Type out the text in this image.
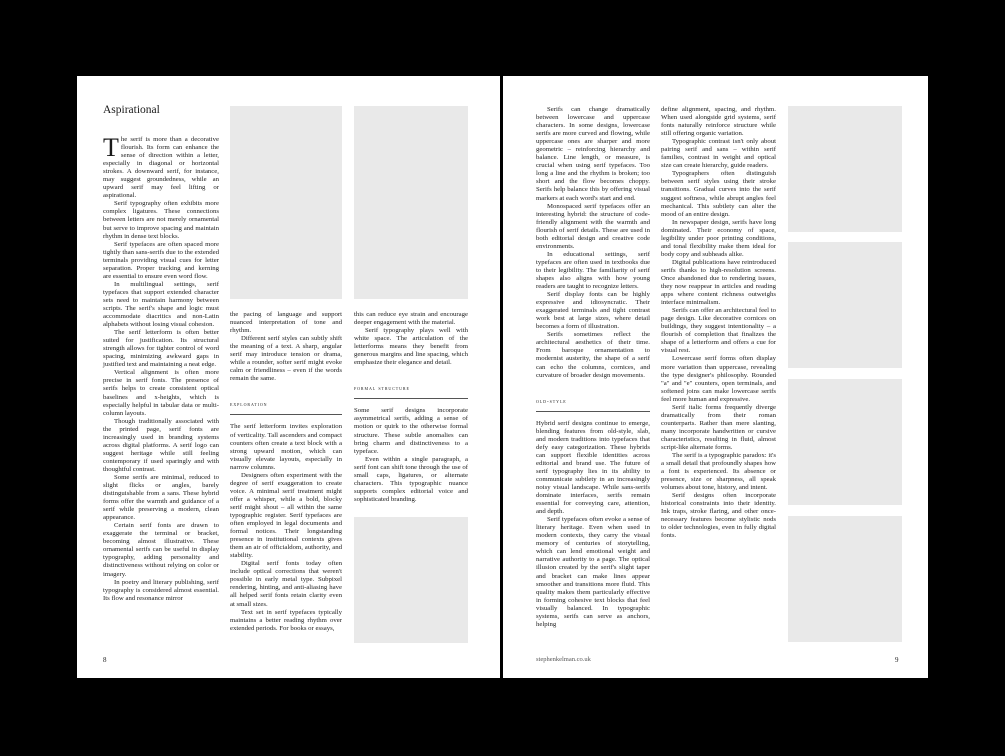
Aspirational

The serif is more than a decorative flourish. Its form can enhance the sense of direction within a letter, especially in diagonal or horizontal strokes. A downward serif, for instance, may suggest groundedness, while an upward serif may feel lifting or aspirational.

Serif typography often exhibits more complex ligatures. These connections between letters are not merely ornamental but serve to improve spacing and maintain rhythm in dense text blocks.

Serif typefaces are often spaced more tightly than sans-serifs due to the extended terminals providing visual cues for letter separation. Proper tracking and kerning are essential to ensure even word flow.

In multilingual settings, serif typefaces that support extended character sets need to maintain harmony between scripts. The serif's shape and logic must accommodate diacritics and non-Latin alphabets without losing visual cohesion.

The serif letterform is often better suited for justification. Its structural strength allows for tighter control of word spacing, minimizing awkward gaps in justified text and maintaining a neat edge.

Vertical alignment is often more precise in serif fonts. The presence of serifs helps to create consistent optical baselines and x-heights, which is especially helpful in tabular data or multi-column layouts.

Though traditionally associated with the printed page, serif fonts are increasingly used in branding systems across digital platforms. A serif logo can suggest heritage while still feeling contemporary if used sparingly and with thoughtful contrast.

Some serifs are minimal, reduced to slight flicks or angles, barely distinguishable from a sans. These hybrid forms offer the warmth and guidance of a serif while preserving a modern, clean appearance.

Certain serif fonts are drawn to exaggerate the terminal or bracket, becoming almost illustrative. These ornamental serifs can be useful in display typography, adding personality and distinctiveness without relying on color or imagery.

In poetry and literary publishing, serif typography is considered almost essential. Its flow and resonance mirror

the pacing of language and support nuanced interpretation of tone and rhythm.

Different serif styles can subtly shift the meaning of a text. A sharp, angular serif may introduce tension or drama, while a rounder, softer serif might evoke calm or friendliness – even if the words remain the same.

exploration

The serif letterform invites exploration of verticality. Tall ascenders and compact counters often create a text block with a strong upward motion, which can visually elevate layouts, especially in narrow columns.

Designers often experiment with the degree of serif exaggeration to create voice. A minimal serif treatment might offer a whisper, while a bold, blocky serif might shout – all within the same typographic register. Serif typefaces are often employed in legal documents and formal notices. Their longstanding presence in institutional contexts gives them an air of officialdom, authority, and stability.

Digital serif fonts today often include optical corrections that weren't possible in early metal type. Subpixel rendering, hinting, and anti-aliasing have all helped serif fonts retain clarity even at small sizes.

Text set in serif typefaces typically maintains a better reading rhythm over extended periods. For books or essays,

this can reduce eye strain and encourage deeper engagement with the material.

Serif typography plays well with white space. The articulation of the letterforms means they benefit from generous margins and line spacing, which emphasize their elegance and detail.

formal structure

Some serif designs incorporate asymmetrical serifs, adding a sense of motion or quirk to the otherwise formal structure. These subtle anomalies can bring charm and distinctiveness to a typeface.

Even within a single paragraph, a serif font can shift tone through the use of small caps, ligatures, or alternate characters. This typographic nuance supports complex editorial voice and sophisticated branding.

8

Serifs can change dramatically between lowercase and uppercase characters. In some designs, lowercase serifs are more curved and flowing, while uppercase ones are sharper and more geometric – reinforcing hierarchy and balance. Line length, or measure, is crucial when using serif typefaces. Too long a line and the rhythm is broken; too short and the flow becomes choppy. Serifs help balance this by offering visual markers at each word's start and end.

Monospaced serif typefaces offer an interesting hybrid: the structure of code-friendly alignment with the warmth and flourish of serif details. These are used in both editorial design and creative code environments.

In educational settings, serif typefaces are often used in textbooks due to their legibility. The familiarity of serif shapes also aligns with how young readers are taught to recognize letters.

Serif display fonts can be highly expressive and idiosyncratic. Their exaggerated terminals and tight contrast work best at large sizes, where detail becomes a form of illustration.

Serifs sometimes reflect the architectural aesthetics of their time. From baroque ornamentation to modernist austerity, the shape of a serif can echo the columns, cornices, and curvature of broader design movements.

old-style

Hybrid serif designs continue to emerge, blending features from old-style, slab, and modern traditions into typefaces that defy easy categorization. These hybrids can support flexible identities across editorial and brand use. The future of serif typography lies in its ability to communicate subtlety in an increasingly noisy visual landscape. While sans-serifs dominate interfaces, serifs remain essential for conveying care, attention, and depth.

Serif typefaces often evoke a sense of literary heritage. Even when used in modern contexts, they carry the visual memory of centuries of storytelling, which can lend emotional weight and narrative authority to a page. The optical illusion created by the serif's slight taper and bracket can make lines appear smoother and transitions more fluid. This quality makes them particularly effective in forming cohesive text blocks that feel visually balanced. In typographic systems, serifs can serve as anchors, helping

define alignment, spacing, and rhythm. When used alongside grid systems, serif fonts naturally reinforce structure while still offering organic variation.

Typographic contrast isn't only about pairing serif and sans – within serif families, contrast in weight and optical size can create hierarchy, guide readers.

Typographers often distinguish between serif styles using their stroke transitions. Gradual curves into the serif suggest softness, while abrupt angles feel mechanical. This subtlety can alter the mood of an entire design.

In newspaper design, serifs have long dominated. Their economy of space, legibility under poor printing conditions, and tonal flexibility make them ideal for body copy and subheads alike.

Digital publications have reintroduced serifs thanks to high-resolution screens. Once abandoned due to rendering issues, they now reappear in articles and reading apps where content richness outweighs interface minimalism.

Serifs can offer an architectural feel to page design. Like decorative cornices on buildings, they suggest intentionality – a flourish of completion that finalizes the shape of a letterform and offers a cue for visual rest.

Lowercase serif forms often display more variation than uppercase, revealing the type designer's philosophy. Rounded "a" and "e" counters, open terminals, and softened joins can make lowercase serifs feel more human and expressive.

Serif italic forms frequently diverge dramatically from their roman counterparts. Rather than mere slanting, many incorporate handwritten or cursive characteristics, resulting in fluid, almost script-like alternate forms.

The serif is a typographic paradox: it's a small detail that profoundly shapes how a font is experienced. Its absence or presence, size or sharpness, all speak volumes about tone, history, and intent.

Serif designs often incorporate historical constraints into their identity. Ink traps, stroke flaring, and other once-necessary features become stylistic nods to older technologies, even in fully digital fonts.

stephenkelman.co.uk	9
